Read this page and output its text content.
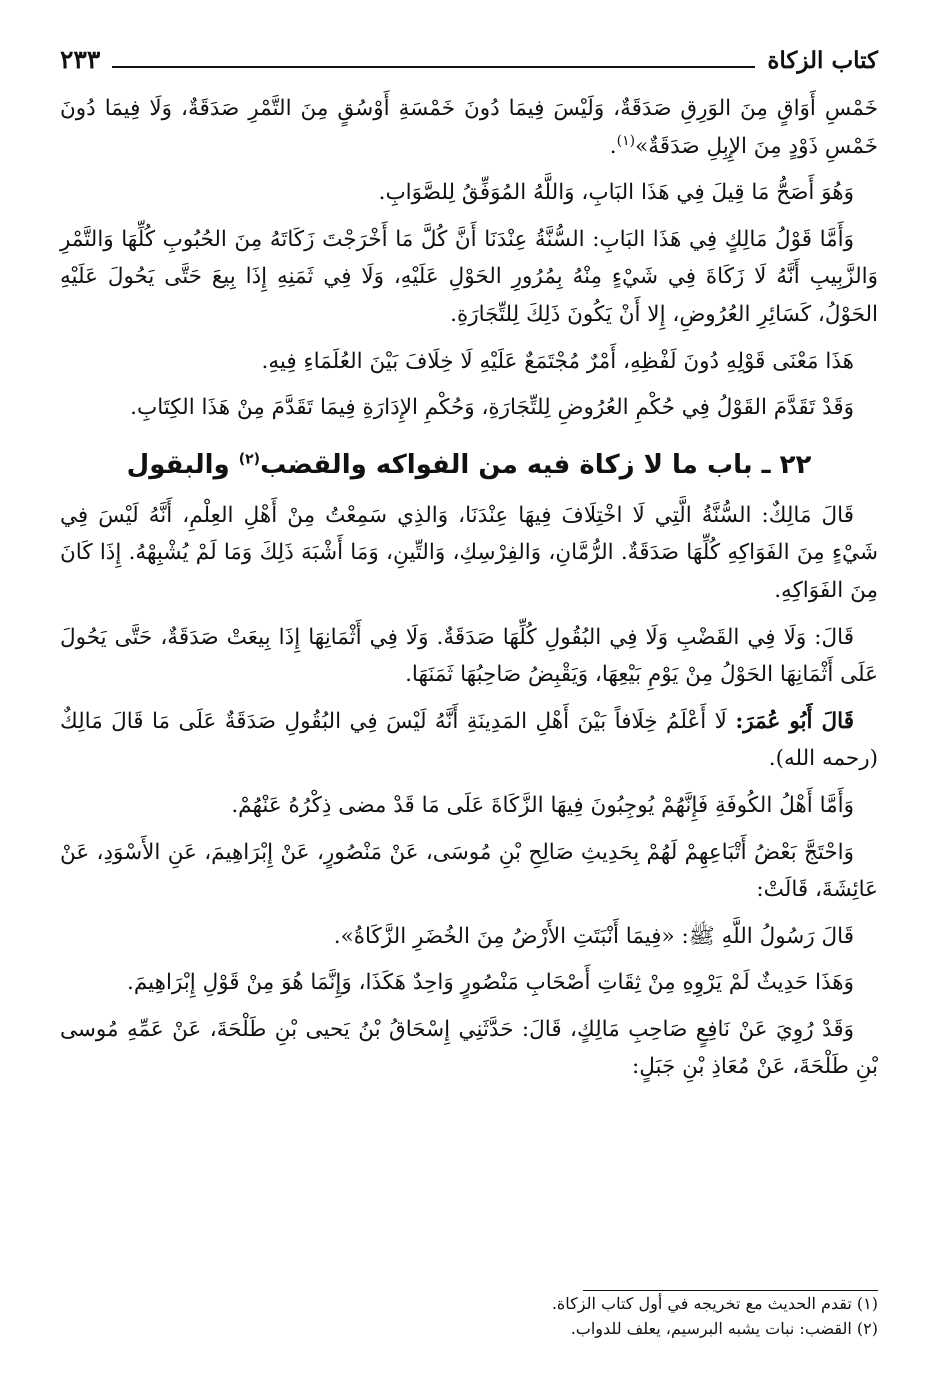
كتاب الزكاة
٢٣٣

خَمْسِ أَوَاقٍ مِنَ الوَرِقِ صَدَقَةٌ، وَلَيْسَ فِيمَا دُونَ خَمْسَةِ أَوْسُقٍ مِنَ التَّمْرِ صَدَقَةٌ، وَلَا فِيمَا دُونَ خَمْسِ ذَوْدٍ مِنَ الإِبِلِ صَدَقَةٌ»$^{(١)}$.

وَهُوَ أَصَحُّ مَا قِيلَ فِي هَذَا البَابِ، وَاللَّهُ المُوَفِّقُ لِلصَّوَابِ.

وَأَمَّا قَوْلُ مَالِكٍ فِي هَذَا البَابِ: السُّنَّةُ عِنْدَنَا أَنَّ كُلَّ مَا أَخْرَجْتَ زَكَاتَهُ مِنَ الحُبُوبِ كُلِّهَا وَالتَّمْرِ وَالزَّبِيبِ أَنَّهُ لَا زَكَاةَ فِي شَيْءٍ مِنْهُ بِمُرُورِ الحَوْلِ عَلَيْهِ، وَلَا فِي ثَمَنِهِ إِذَا بِيعَ حَتَّى يَحُولَ عَلَيْهِ الحَوْلُ، كَسَائِرِ العُرُوضِ، إِلا أَنْ يَكُونَ ذَلِكَ لِلتِّجَارَةِ.

هَذَا مَعْنَى قَوْلِهِ دُونَ لَفْظِهِ، أَمْرٌ مُجْتَمَعٌ عَلَيْهِ لَا خِلَافَ بَيْنَ العُلَمَاءِ فِيهِ.

وَقَدْ تَقَدَّمَ القَوْلُ فِي حُكْمِ العُرُوضِ لِلتِّجَارَةِ، وَحُكْمِ الإِدَارَةِ فِيمَا تَقَدَّمَ مِنْ هَذَا الكِتَابِ.

٢٢ ـ باب ما لا زكاة فيه من الفواكه والقضب$^{(٢)}$ والبقول

قَالَ مَالِكٌ: السُّنَّةُ الَّتِي لَا اخْتِلَافَ فِيهَا عِنْدَنَا، وَالذِي سَمِعْتُ مِنْ أَهْلِ العِلْمِ، أَنَّهُ لَيْسَ فِي شَيْءٍ مِنَ الفَوَاكِهِ كُلِّهَا صَدَقَةٌ. الرُّمَّانِ، وَالفِرْسِكِ، وَالتِّينِ، وَمَا أَشْبَهَ ذَلِكَ وَمَا لَمْ يُشْبِهْهُ. إِذَا كَانَ مِنَ الفَوَاكِهِ.

قَالَ: وَلَا فِي القَضْبِ وَلَا فِي البُقُولِ كُلِّهَا صَدَقَةٌ. وَلَا فِي أَثْمَانِهَا إِذَا بِيعَتْ صَدَقَةٌ، حَتَّى يَحُولَ عَلَى أَثْمَانِهَا الحَوْلُ مِنْ يَوْمِ بَيْعِهَا، وَيَقْبِضُ صَاحِبُهَا ثَمَنَهَا.

قَالَ أَبُو عُمَرَ: لَا أَعْلَمُ خِلَافاً بَيْنَ أَهْلِ المَدِينَةِ أَنَّهُ لَيْسَ فِي البُقُولِ صَدَقَةٌ عَلَى مَا قَالَ مَالِكٌ (رحمه الله).

وَأَمَّا أَهْلُ الكُوفَةِ فَإِنَّهُمْ يُوجِبُونَ فِيهَا الزَّكَاةَ عَلَى مَا قَدْ مضى ذِكْرُهُ عَنْهُمْ.

وَاحْتَجَّ بَعْضُ أَتْبَاعِهِمْ لَهُمْ بِحَدِيثِ صَالِحِ بْنِ مُوسَى، عَنْ مَنْصُورٍ، عَنْ إِبْرَاهِيمَ، عَنِ الأَسْوَدِ، عَنْ عَائِشَةَ، قَالَتْ:

قَالَ رَسُولُ اللَّهِ ﷺ: «فِيمَا أَنْبَتَتِ الأَرْضُ مِنَ الخُضَرِ الزَّكَاةُ».

وَهَذَا حَدِيثٌ لَمْ يَرْوِهِ مِنْ ثِقَاتِ أَصْحَابِ مَنْصُورٍ وَاحِدٌ هَكَذَا، وَإِنَّمَا هُوَ مِنْ قَوْلِ إِبْرَاهِيمَ.

وَقَدْ رُوِيَ عَنْ نَافِعٍ صَاحِبِ مَالِكٍ، قَالَ: حَدَّثَنِي إِسْحَاقُ بْنُ يَحيى بْنِ طَلْحَةَ، عَنْ عَمِّهِ مُوسى بْنِ طَلْحَةَ، عَنْ مُعَاذِ بْنِ جَبَلٍ:

(١) تقدم الحديث مع تخريجه في أول كتاب الزكاة.

(٢) القضب: نبات يشبه البرسيم، يعلف للدواب.
